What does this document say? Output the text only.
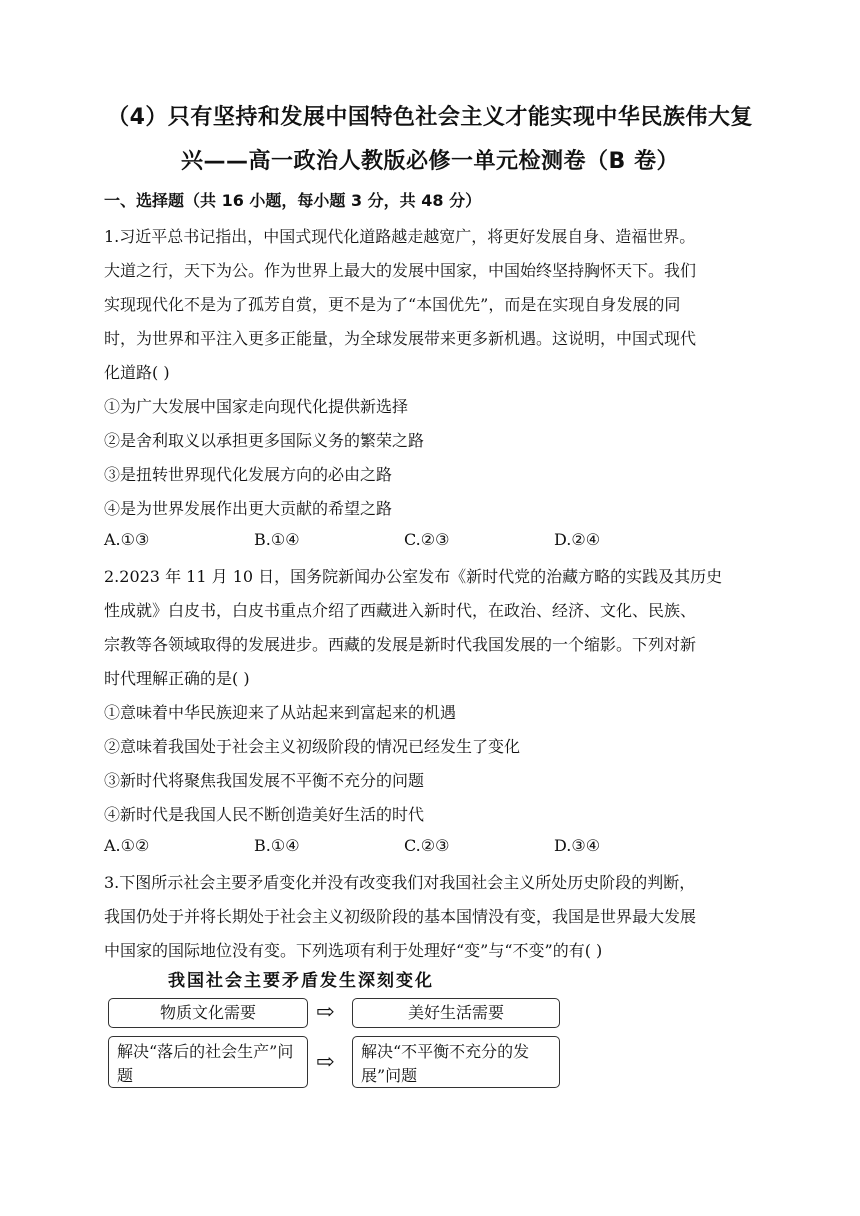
（4）只有坚持和发展中国特色社会主义才能实现中华民族伟大复
兴——高一政治人教版必修一单元检测卷（B 卷）
一、选择题（共 16 小题，每小题 3 分，共 48 分）
1.习近平总书记指出，中国式现代化道路越走越宽广，将更好发展自身、造福世界。
大道之行，天下为公。作为世界上最大的发展中国家，中国始终坚持胸怀天下。我们
实现现代化不是为了孤芳自赏，更不是为了“本国优先”，而是在实现自身发展的同
时，为世界和平注入更多正能量，为全球发展带来更多新机遇。这说明，中国式现代
化道路( )
①为广大发展中国家走向现代化提供新选择
②是舍利取义以承担更多国际义务的繁荣之路
③是扭转世界现代化发展方向的必由之路
④是为世界发展作出更大贡献的希望之路
A.①③	B.①④	C.②③	D.②④
2.2023 年 11 月 10 日，国务院新闻办公室发布《新时代党的治藏方略的实践及其历史
性成就》白皮书，白皮书重点介绍了西藏进入新时代，在政治、经济、文化、民族、
宗教等各领域取得的发展进步。西藏的发展是新时代我国发展的一个缩影。下列对新
时代理解正确的是( )
①意味着中华民族迎来了从站起来到富起来的机遇
②意味着我国处于社会主义初级阶段的情况已经发生了变化
③新时代将聚焦我国发展不平衡不充分的问题
④新时代是我国人民不断创造美好生活的时代
A.①②	B.①④	C.②③	D.③④
3.下图所示社会主要矛盾变化并没有改变我们对我国社会主义所处历史阶段的判断，
我国仍处于并将长期处于社会主义初级阶段的基本国情没有变，我国是世界最大发展
中国家的国际地位没有变。下列选项有利于处理好“变”与“不变”的有( )
我国社会主要矛盾发生深刻变化
物质文化需要	⇨	美好生活需要
解决“落后的社会生产”问题
⇨	解决“不平衡不充分的发展”问题
